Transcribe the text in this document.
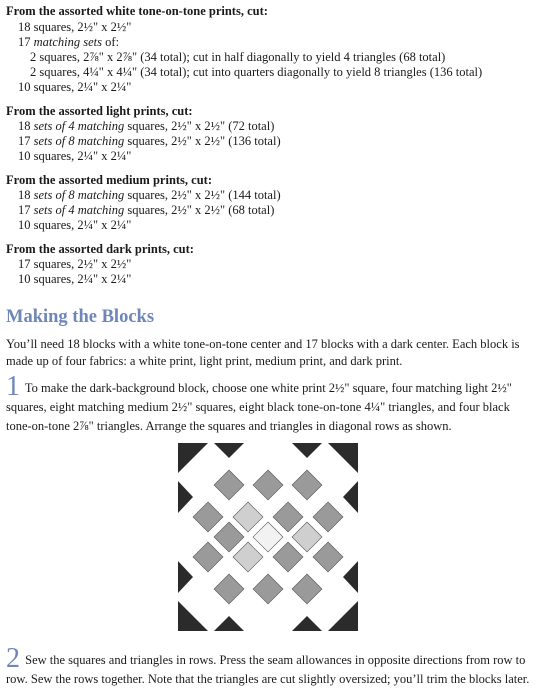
From the assorted white tone-on-tone prints, cut:
18 squares, 2½" x 2½"
17 matching sets of:
2 squares, 2⅞" x 2⅞" (34 total); cut in half diagonally to yield 4 triangles (68 total)
2 squares, 4¼" x 4¼" (34 total); cut into quarters diagonally to yield 8 triangles (136 total)
10 squares, 2¼" x 2¼"
From the assorted light prints, cut:
18 sets of 4 matching squares, 2½" x 2½" (72 total)
17 sets of 8 matching squares, 2½" x 2½" (136 total)
10 squares, 2¼" x 2¼"
From the assorted medium prints, cut:
18 sets of 8 matching squares, 2½" x 2½" (144 total)
17 sets of 4 matching squares, 2½" x 2½" (68 total)
10 squares, 2¼" x 2¼"
From the assorted dark prints, cut:
17 squares, 2½" x 2½"
10 squares, 2¼" x 2¼"
Making the Blocks
You’ll need 18 blocks with a white tone-on-tone center and 17 blocks with a dark center. Each block is made up of four fabrics: a white print, light print, medium print, and dark print.
1 To make the dark-background block, choose one white print 2½" square, four matching light 2½" squares, eight matching medium 2½" squares, eight black tone-on-tone 4¼" triangles, and four black tone-on-tone 2⅞" triangles. Arrange the squares and triangles in diagonal rows as shown.
2 Sew the squares and triangles in rows. Press the seam allowances in opposite directions from row to row. Sew the rows together. Note that the triangles are cut slightly oversized; you’ll trim the blocks later.
